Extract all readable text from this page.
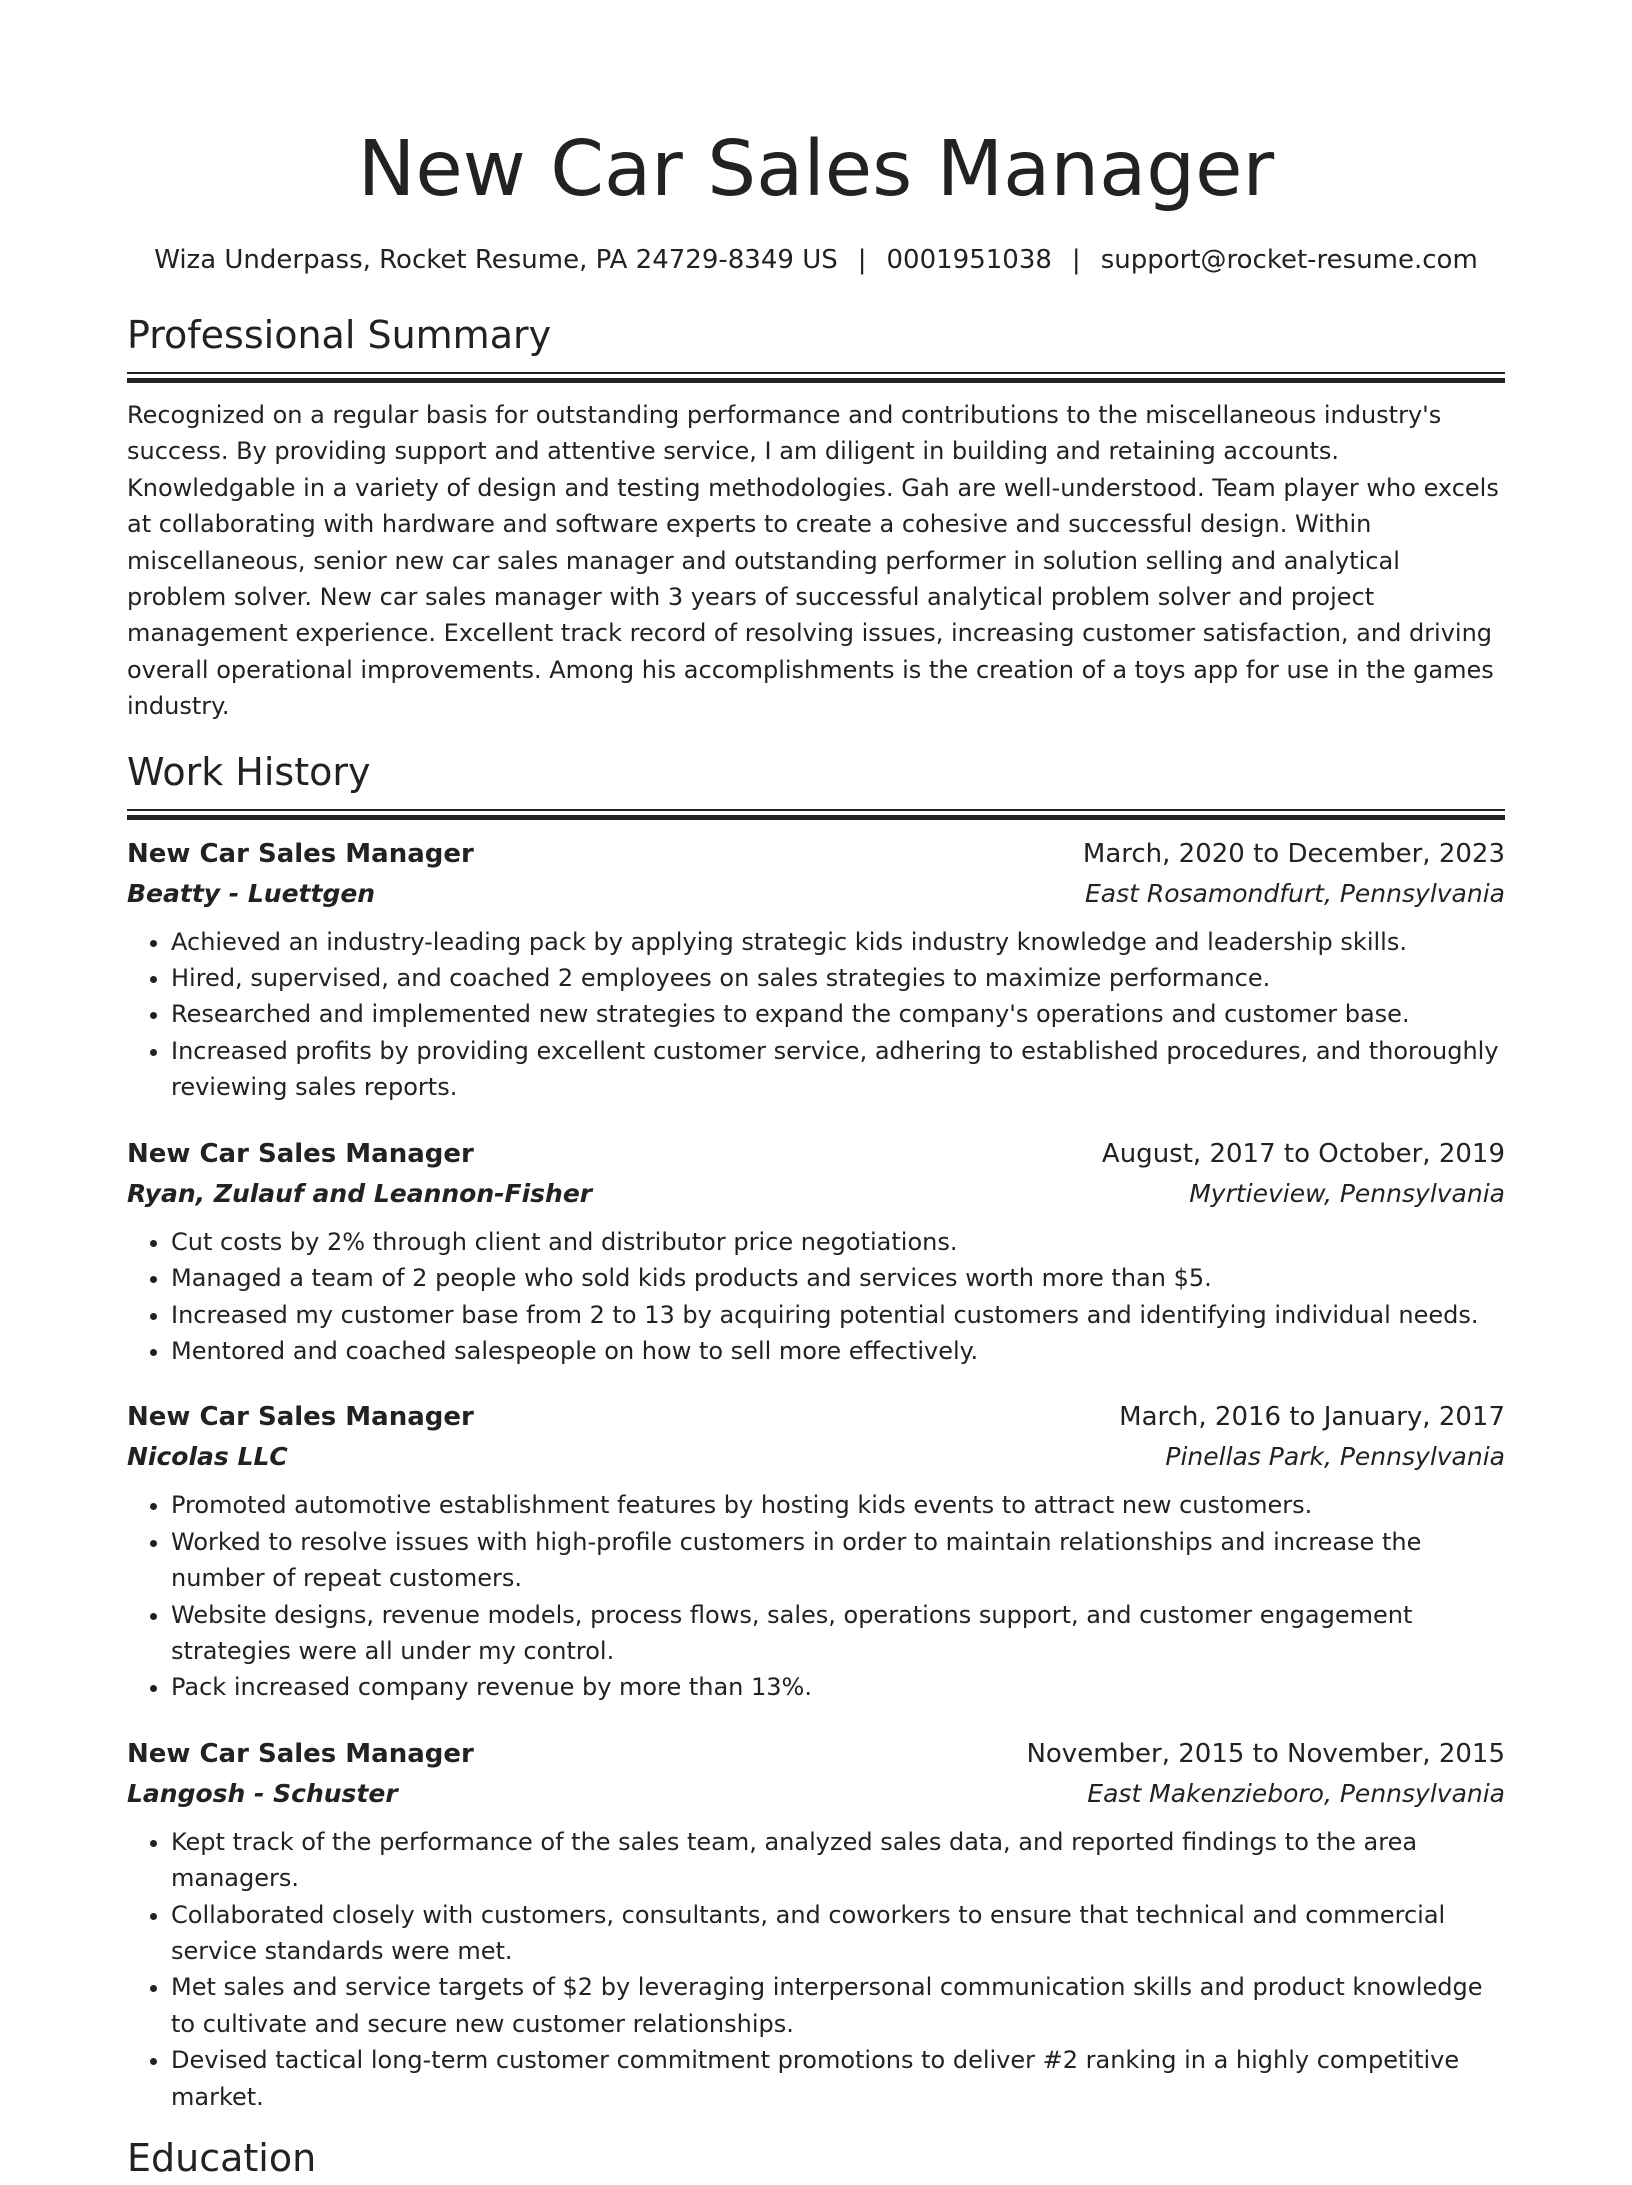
New Car Sales Manager
Wiza Underpass, Rocket Resume, PA 24729-8349 US | 0001951038 | support@rocket-resume.com
Professional Summary
Recognized on a regular basis for outstanding performance and contributions to the miscellaneous industry's success. By providing support and attentive service, I am diligent in building and retaining accounts. Knowledgable in a variety of design and testing methodologies. Gah are well-understood. Team player who excels at collaborating with hardware and software experts to create a cohesive and successful design. Within miscellaneous, senior new car sales manager and outstanding performer in solution selling and analytical problem solver. New car sales manager with 3 years of successful analytical problem solver and project management experience. Excellent track record of resolving issues, increasing customer satisfaction, and driving overall operational improvements. Among his accomplishments is the creation of a toys app for use in the games industry.
Work History
New Car Sales Manager	March, 2020 to December, 2023
Beatty - Luettgen	East Rosamondfurt, Pennsylvania
• Achieved an industry-leading pack by applying strategic kids industry knowledge and leadership skills.
• Hired, supervised, and coached 2 employees on sales strategies to maximize performance.
• Researched and implemented new strategies to expand the company's operations and customer base.
• Increased profits by providing excellent customer service, adhering to established procedures, and thoroughly reviewing sales reports.
New Car Sales Manager	August, 2017 to October, 2019
Ryan, Zulauf and Leannon-Fisher	Myrtieview, Pennsylvania
• Cut costs by 2% through client and distributor price negotiations.
• Managed a team of 2 people who sold kids products and services worth more than $5.
• Increased my customer base from 2 to 13 by acquiring potential customers and identifying individual needs.
• Mentored and coached salespeople on how to sell more effectively.
New Car Sales Manager	March, 2016 to January, 2017
Nicolas LLC	Pinellas Park, Pennsylvania
• Promoted automotive establishment features by hosting kids events to attract new customers.
• Worked to resolve issues with high-profile customers in order to maintain relationships and increase the number of repeat customers.
• Website designs, revenue models, process flows, sales, operations support, and customer engagement strategies were all under my control.
• Pack increased company revenue by more than 13%.
New Car Sales Manager	November, 2015 to November, 2015
Langosh - Schuster	East Makenzieboro, Pennsylvania
• Kept track of the performance of the sales team, analyzed sales data, and reported findings to the area managers.
• Collaborated closely with customers, consultants, and coworkers to ensure that technical and commercial service standards were met.
• Met sales and service targets of $2 by leveraging interpersonal communication skills and product knowledge to cultivate and secure new customer relationships.
• Devised tactical long-term customer commitment promotions to deliver #2 ranking in a highly competitive market.
Education
